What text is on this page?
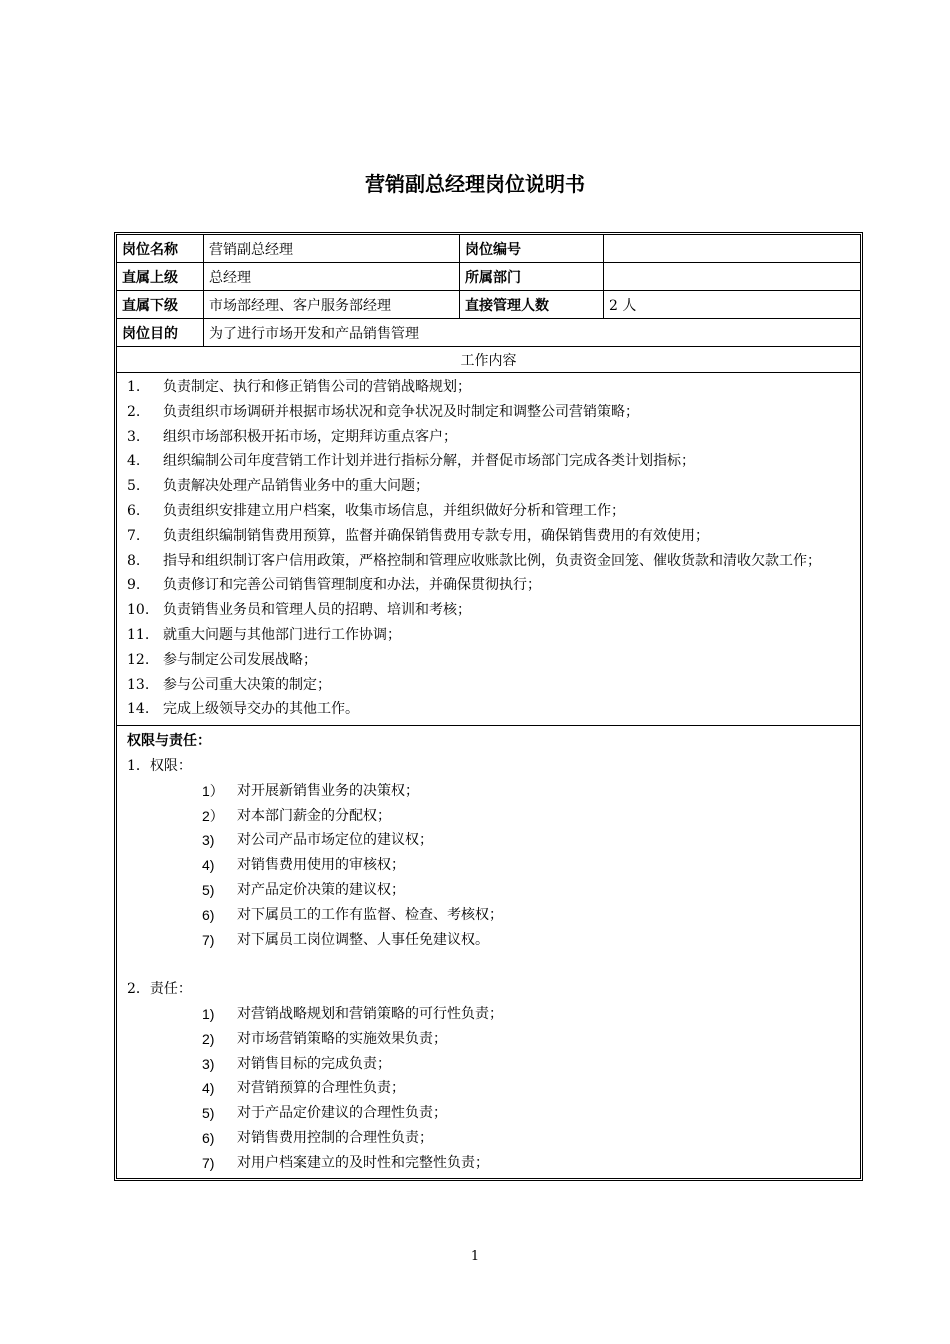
营销副总经理岗位说明书
岗位名称	营销副总经理	岗位编号
直属上级	总经理	所属部门
直属下级	市场部经理、客户服务部经理	直接管理人数	2 人
岗位目的	为了进行市场开发和产品销售管理
工作内容
1. 负责制定、执行和修正销售公司的营销战略规划；
2. 负责组织市场调研并根据市场状况和竞争状况及时制定和调整公司营销策略；
3. 组织市场部积极开拓市场，定期拜访重点客户；
4. 组织编制公司年度营销工作计划并进行指标分解，并督促市场部门完成各类计划指标；
5. 负责解决处理产品销售业务中的重大问题；
6. 负责组织安排建立用户档案，收集市场信息，并组织做好分析和管理工作；
7. 负责组织编制销售费用预算，监督并确保销售费用专款专用，确保销售费用的有效使用；
8. 指导和组织制订客户信用政策，严格控制和管理应收账款比例，负责资金回笼、催收货款和清收欠款工作；
9. 负责修订和完善公司销售管理制度和办法，并确保贯彻执行；
10. 负责销售业务员和管理人员的招聘、培训和考核；
11. 就重大问题与其他部门进行工作协调；
12. 参与制定公司发展战略；
13. 参与公司重大决策的制定；
14. 完成上级领导交办的其他工作。
权限与责任：
1．权限：
1） 对开展新销售业务的决策权；
2） 对本部门薪金的分配权；
3)	对公司产品市场定位的建议权；
4)	对销售费用使用的审核权；
5)	对产品定价决策的建议权；
6)	对下属员工的工作有监督、检查、考核权；
7)	对下属员工岗位调整、人事任免建议权。
2．责任：
1)	对营销战略规划和营销策略的可行性负责；
2)	对市场营销策略的实施效果负责；
3)	对销售目标的完成负责；
4)	对营销预算的合理性负责；
5)	对于产品定价建议的合理性负责；
6)	对销售费用控制的合理性负责；
7)	对用户档案建立的及时性和完整性负责；
1
